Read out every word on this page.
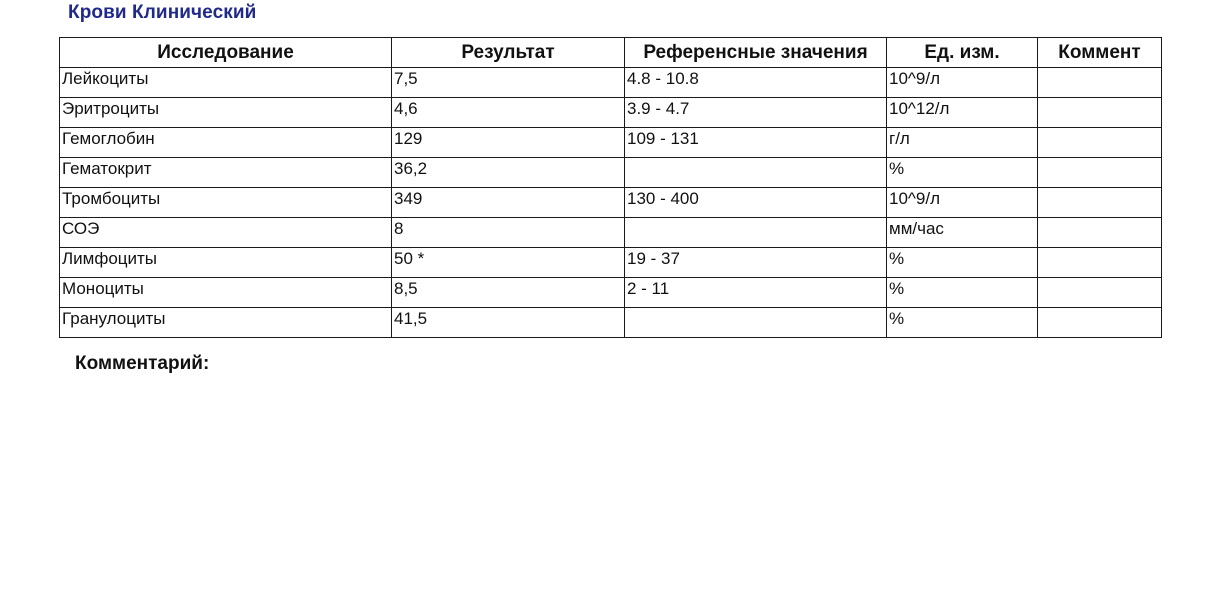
Крови Клинический
Исследование	Результат	Референсные значения	Ед. изм.	Коммент
Лейкоциты	7,5	4.8 - 10.8	10^9/л	
Эритроциты	4,6	3.9 - 4.7	10^12/л	
Гемоглобин	129	109 - 131	г/л	
Гематокрит	36,2		%	
Тромбоциты	349	130 - 400	10^9/л	
СОЭ	8		мм/час	
Лимфоциты	50 *	19 - 37	%	
Моноциты	8,5	2 - 11	%	
Гранулоциты	41,5		%	
Комментарий:
